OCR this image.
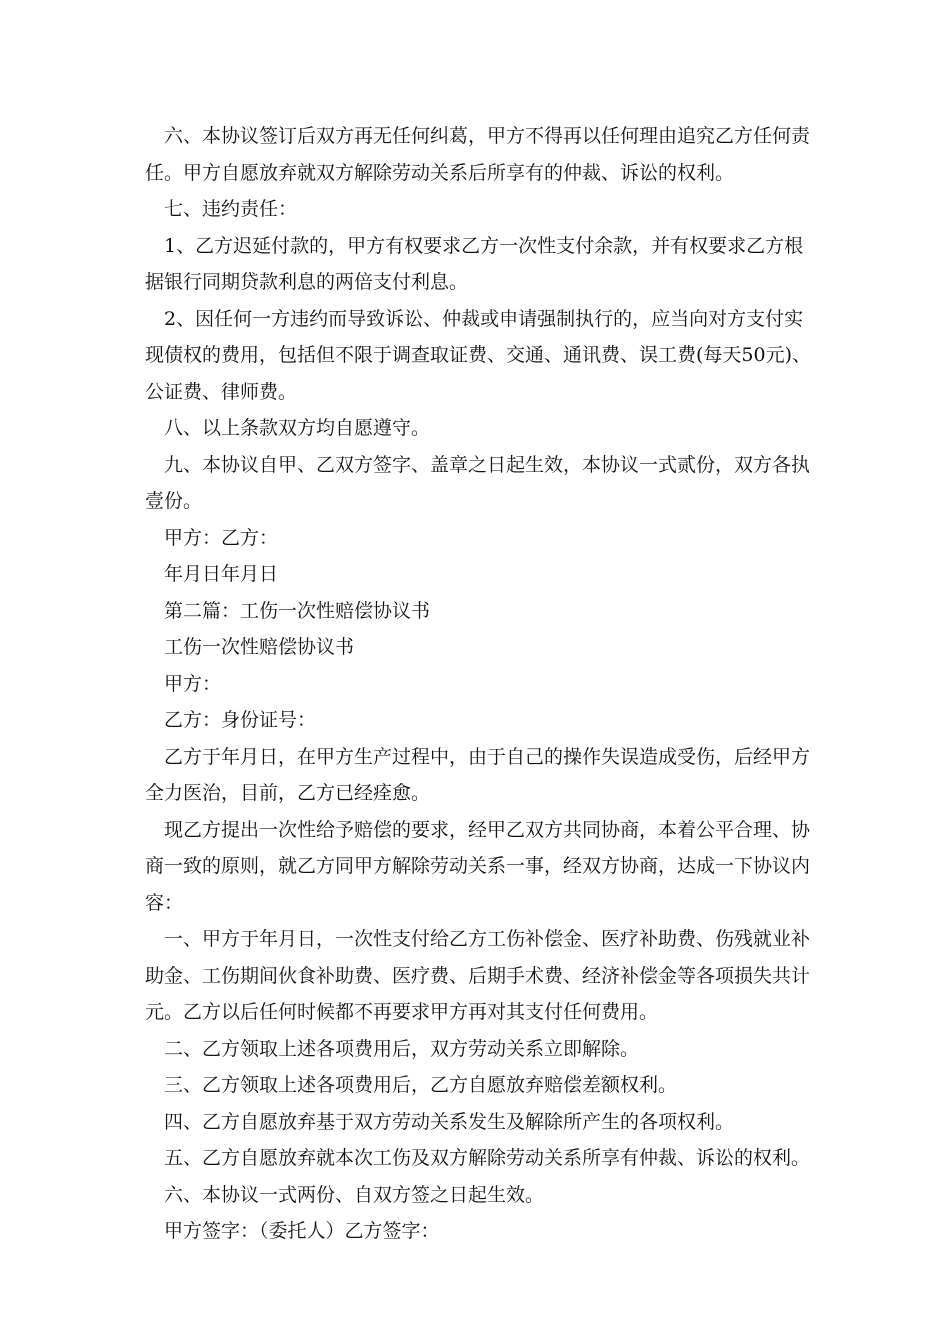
六、本协议签订后双方再无任何纠葛，甲方不得再以任何理由追究乙方任何责任。甲方自愿放弃就双方解除劳动关系后所享有的仲裁、诉讼的权利。

七、违约责任：

1、乙方迟延付款的，甲方有权要求乙方一次性支付余款，并有权要求乙方根据银行同期贷款利息的两倍支付利息。

2、因任何一方违约而导致诉讼、仲裁或申请强制执行的，应当向对方支付实现债权的费用，包括但不限于调查取证费、交通、通讯费、误工费(每天50元)、公证费、律师费。

八、以上条款双方均自愿遵守。

九、本协议自甲、乙双方签字、盖章之日起生效，本协议一式贰份，双方各执壹份。

甲方：乙方：

年月日年月日

第二篇：工伤一次性赔偿协议书

工伤一次性赔偿协议书

甲方：

乙方：身份证号：

乙方于年月日，在甲方生产过程中，由于自己的操作失误造成受伤，后经甲方全力医治，目前，乙方已经痊愈。

现乙方提出一次性给予赔偿的要求，经甲乙双方共同协商，本着公平合理、协商一致的原则，就乙方同甲方解除劳动关系一事，经双方协商，达成一下协议内容：

一、甲方于年月日，一次性支付给乙方工伤补偿金、医疗补助费、伤残就业补助金、工伤期间伙食补助费、医疗费、后期手术费、经济补偿金等各项损失共计元。乙方以后任何时候都不再要求甲方再对其支付任何费用。

二、乙方领取上述各项费用后，双方劳动关系立即解除。

三、乙方领取上述各项费用后，乙方自愿放弃赔偿差额权利。

四、乙方自愿放弃基于双方劳动关系发生及解除所产生的各项权利。

五、乙方自愿放弃就本次工伤及双方解除劳动关系所享有仲裁、诉讼的权利。

六、本协议一式两份、自双方签之日起生效。

甲方签字：（委托人）乙方签字：
